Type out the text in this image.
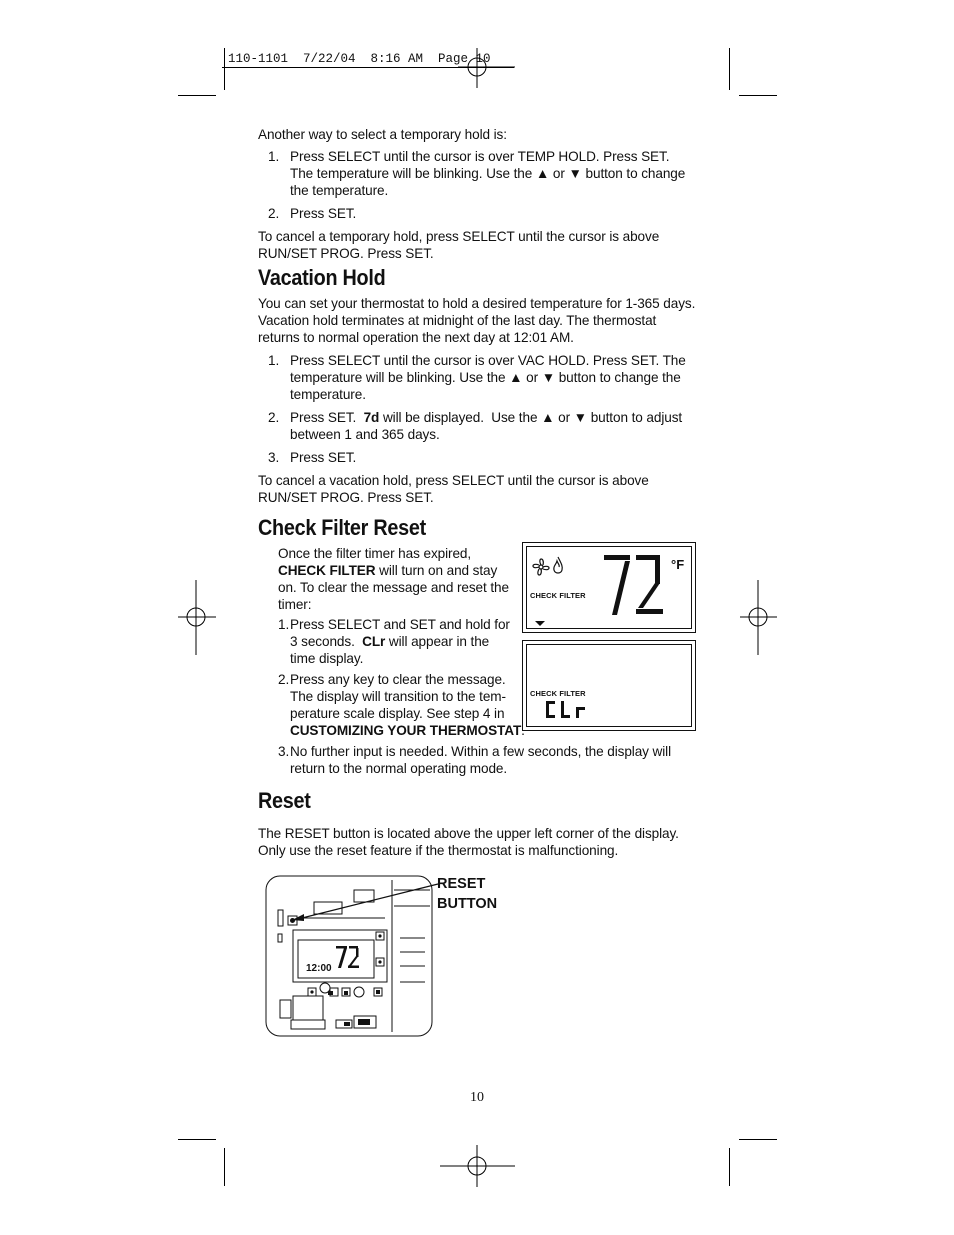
110-1101  7/22/04  8:16 AM  Page 10
Another way to select a temporary hold is:
1. Press SELECT until the cursor is over TEMP HOLD. Press SET.
The temperature will be blinking. Use the ▲ or ▼ button to change
the temperature.
2. Press SET.
To cancel a temporary hold, press SELECT until the cursor is above
RUN/SET PROG. Press SET.
Vacation Hold
You can set your thermostat to hold a desired temperature for 1-365 days.
Vacation hold terminates at midnight of the last day. The thermostat
returns to normal operation the next day at 12:01 AM.
1. Press SELECT until the cursor is over VAC HOLD. Press SET. The
temperature will be blinking. Use the ▲ or ▼ button to change the
temperature.
2. Press SET.  7d will be displayed.  Use the ▲ or ▼ button to adjust
between 1 and 365 days.
3. Press SET.
To cancel a vacation hold, press SELECT until the cursor is above
RUN/SET PROG. Press SET.
Check Filter Reset
Once the filter timer has expired,
CHECK FILTER will turn on and stay
on. To clear the message and reset the
timer:
1. Press SELECT and SET and hold for
3 seconds.  CLr will appear in the
time display.
2. Press any key to clear the message.
The display will transition to the tem-
perature scale display. See step 4 in
CUSTOMIZING YOUR THERMOSTAT
3. No further input is needed. Within a few seconds, the display will
return to the normal operating mode.
CHECK FILTER
°F
CHECK FILTER
Reset
The RESET button is located above the upper left corner of the display.
Only use the reset feature if the thermostat is malfunctioning.
RESET
BUTTON
12:00
10
